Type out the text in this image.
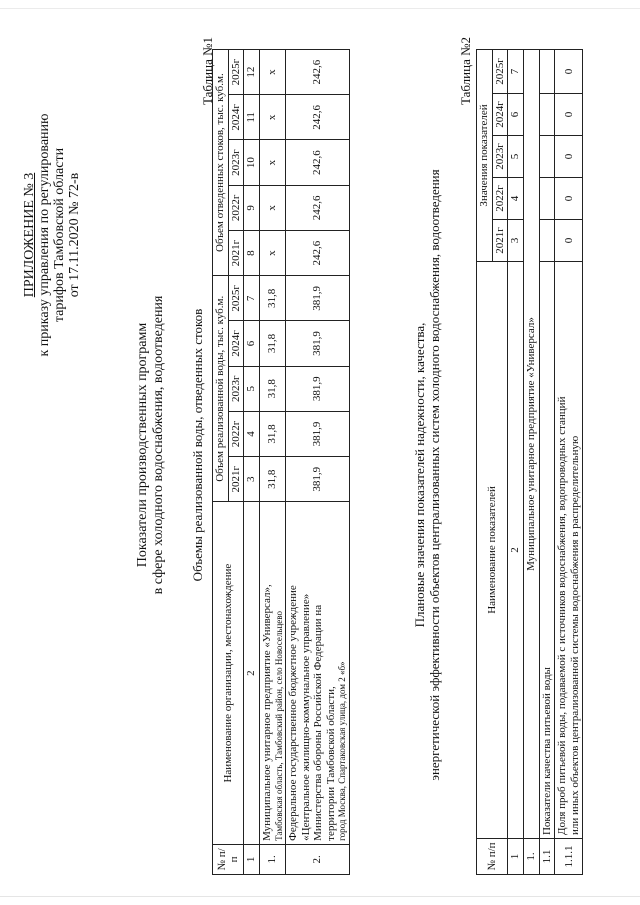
ПРИЛОЖЕНИЕ № 3 к приказу управления по регулированию тарифов Тамбовской области от 17.11.2020 № 72-в
Показатели производственных программ в сфере холодного водоснабжения, водоотведения
Таблица №1
Объемы реализованной воды, отведенных стоков
№ п/п	Наименование организации, местонахождение	Объем реализованной воды, тыс. куб.м.					Объем отведенных стоков, тыс. куб.м.				
		2021г	2022г	2023г	2024г	2025г	2021г	2022г	2023г	2024г	2025г
1	2	3	4	5	6	7	8	9	10	11	12
1.	Муниципальное унитарное предприятие «Универсал», Тамбовская область, Тамбовский район, село Новосельцево	31,8	31,8	31,8	31,8	31,8	x	x	x	x	x
2.	Федеральное государственное бюджетное учреждение «Центральное жилищно-коммунальное управление» Министерства обороны Российской Федерации на территории Тамбовской области, город Москва, Спартаковская улица, дом 2 «б»	381,9	381,9	381,9	381,9	381,9	242,6	242,6	242,6	242,6	242,6
Плановые значения показателей надежности, качества, энергетической эффективности объектов централизованных систем холодного водоснабжения, водоотведения
Таблица №2
№ п/п	Наименование показателей	Значения показателей				
		2021г	2022г	2023г	2024г	2025г
1	2	3	4	5	6	7
1.	Муниципальное унитарное предприятие «Универсал»					
1.1	Показатели качества питьевой воды					
1.1.1	Доля проб питьевой воды, подаваемой с источников водоснабжения, водопроводных станций или иных объектов централизованной системы водоснабжения в распределительную	0	0	0	0	0
